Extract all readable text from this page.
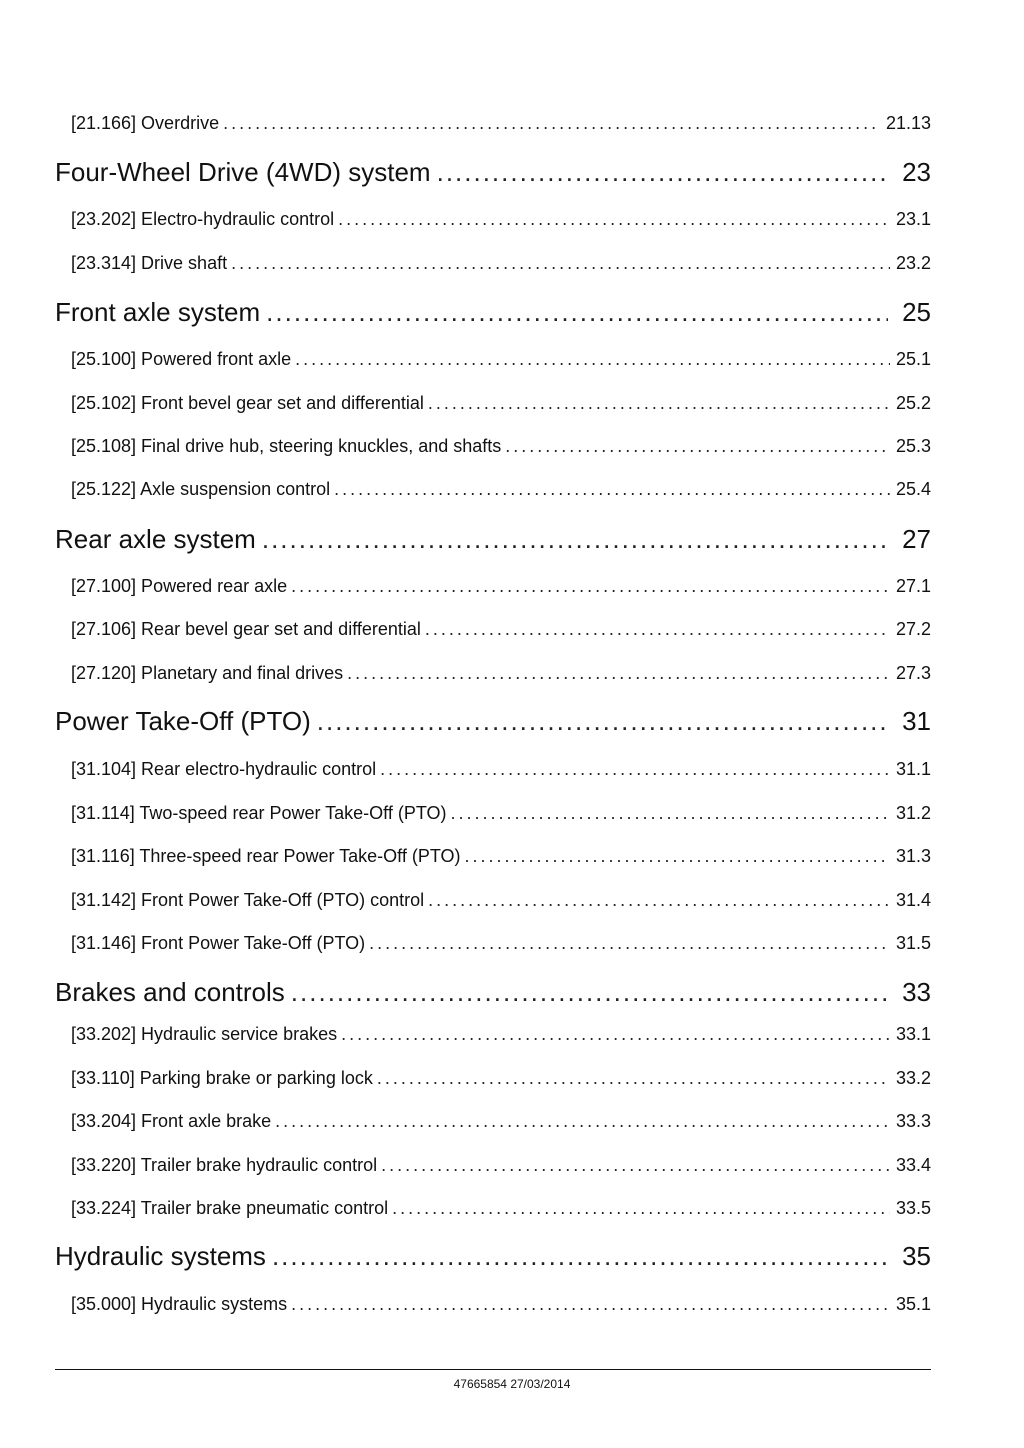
[21.166] Overdrive .....	21.13
Four-Wheel Drive (4WD) system .....	23
[23.202] Electro-hydraulic control .....	23.1
[23.314] Drive shaft .....	23.2
Front axle system .....	25
[25.100] Powered front axle .....	25.1
[25.102] Front bevel gear set and differential .....	25.2
[25.108] Final drive hub, steering knuckles, and shafts .....	25.3
[25.122] Axle suspension control .....	25.4
Rear axle system .....	27
[27.100] Powered rear axle .....	27.1
[27.106] Rear bevel gear set and differential .....	27.2
[27.120] Planetary and final drives .....	27.3
Power Take-Off (PTO) .....	31
[31.104] Rear electro-hydraulic control .....	31.1
[31.114] Two-speed rear Power Take-Off (PTO) .....	31.2
[31.116] Three-speed rear Power Take-Off (PTO) .....	31.3
[31.142] Front Power Take-Off (PTO) control .....	31.4
[31.146] Front Power Take-Off (PTO) .....	31.5
Brakes and controls .....	33
[33.202] Hydraulic service brakes .....	33.1
[33.110] Parking brake or parking lock .....	33.2
[33.204] Front axle brake .....	33.3
[33.220] Trailer brake hydraulic control .....	33.4
[33.224] Trailer brake pneumatic control .....	33.5
Hydraulic systems .....	35
[35.000] Hydraulic systems .....	35.1
47665854 27/03/2014
